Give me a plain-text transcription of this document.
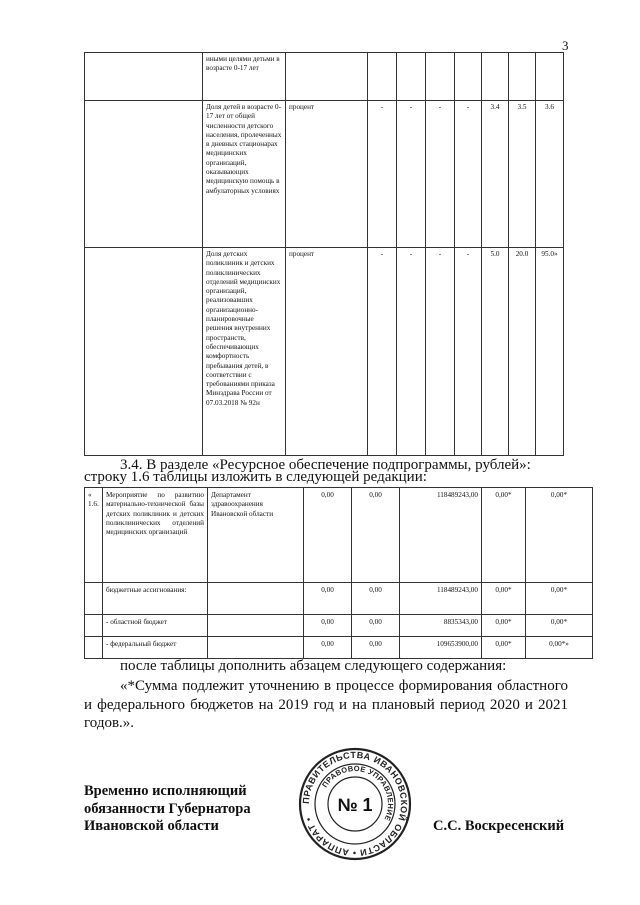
3
	иными целями детьми в возрасте 0-17 лет								
	Доля детей в возрасте 0-17 лет от общей численности детского населения, пролеченных в дневных стационарах медицинских организаций, оказывающих медицинскую помощь в амбулаторных условиях	процент	-	-	-	-	3.4	3.5	3.6
	Доля детских поликлиник и детских поликлинических отделений медицинских организаций, реализовавших организационно-планировочные решения внутренних пространств, обеспечивающих комфортность пребывания детей, в соответствии с требованиями приказа Минздрава России от 07.03.2018 № 92н	процент	-	-	-	-	5.0	20.0	95.0»
3.4. В разделе «Ресурсное обеспечение подпрограммы, рублей»:
строку 1.6 таблицы изложить в следующей редакции:
«
1.6.	Мероприятие по развитию материально-технической базы детских поликлиник и детских поликлинических отделений медицинских организаций	Департамент здравоохранения Ивановской области	0,00	0,00	118489243,00	0,00*	0,00*
	бюджетные ассигнования:		0,00	0,00	118489243,00	0,00*	0,00*
	- областной бюджет		0,00	0,00	8835343,00	0,00*	0,00*
	- федеральный бюджет		0,00	0,00	109653900,00	0,00*	0,00*»
после таблицы дополнить абзацем следующего содержания:
«*Сумма подлежит уточнению в процессе формирования областного и федерального бюджетов на 2019 год и на плановый период 2020 и 2021 годов.».
Временно исполняющий
обязанности Губернатора
Ивановской области
ПРАВИТЕЛЬСТВА ИВАНОВСКОЙ ОБЛАСТИ • АППАРАТ •
ПРАВОВОЕ УПРАВЛЕНИЕ
№ 1
С.С. Воскресенский
